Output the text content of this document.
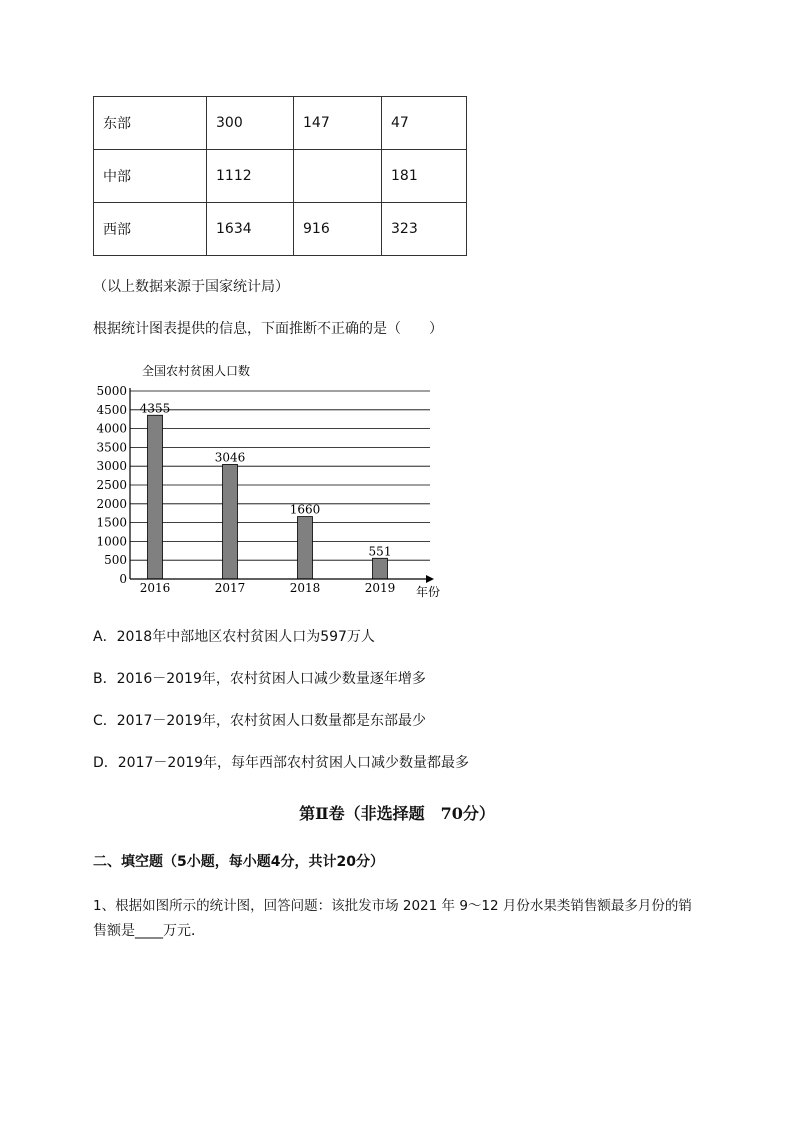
东部	300	147	47
中部	1112		181
西部	1634	916	323
（以上数据来源于国家统计局）
根据统计图表提供的信息，下面推断不正确的是（　　）
全国农村贫困人口数
0
500
1000
1500
2000
2500
3000
3500
4000
4500
5000
2016	2017	2018	2019
4355
3046
1660
551
年份
A．2018年中部地区农村贫困人口为597万人
B．2016－2019年，农村贫困人口减少数量逐年增多
C．2017－2019年，农村贫困人口数量都是东部最少
D．2017－2019年，每年西部农村贫困人口减少数量都最多
第Ⅱ卷（非选择题　70分）
二、填空题（5小题，每小题4分，共计20分）
1、根据如图所示的统计图，回答问题：该批发市场 2021 年 9～12 月份水果类销售额最多月份的销
售额是____万元．
